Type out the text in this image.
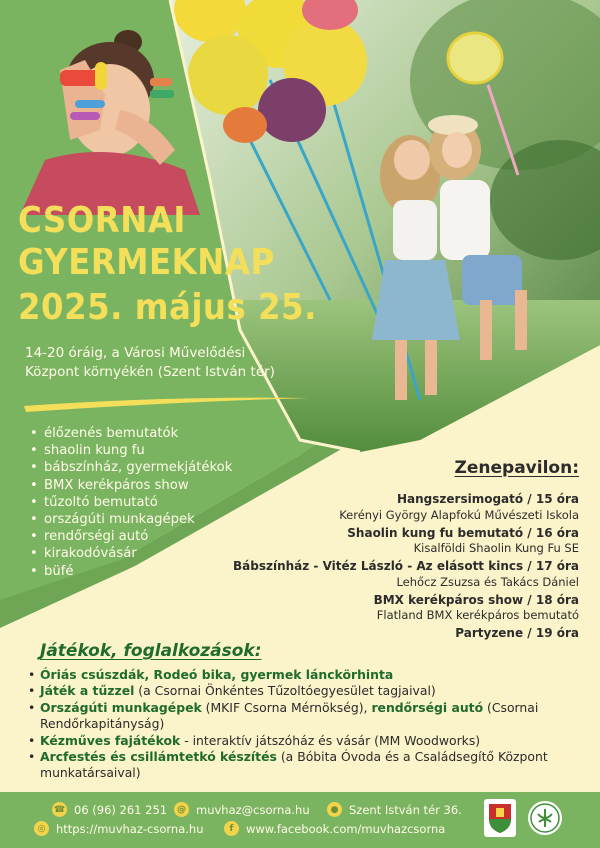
CSORNAI
GYERMEKNAP
2025. május 25.
14-20 óráig, a Városi Művelődési
Központ környékén (Szent István tér)
• élőzenés bemutatók
• shaolin kung fu
• bábszínház, gyermekjátékok
• BMX kerékpáros show
• tűzoltó bemutató
• országúti munkagépek
• rendőrségi autó
• kirakodóvásár
• büfé
Zenepavilon:
Hangszersimogató / 15 óra
Kerényi György Alapfokú Művészeti Iskola
Shaolin kung fu bemutató / 16 óra
Kisalföldi Shaolin Kung Fu SE
Bábszínház - Vitéz László - Az elásott kincs / 17 óra
Lehőcz Zsuzsa és Takács Dániel
BMX kerékpáros show / 18 óra
Flatland BMX kerékpáros bemutató
Partyzene / 19 óra
Játékok, foglalkozások:
• Óriás csúszdák, Rodeó bika, gyermek lánckörhinta
• Játék a tűzzel (a Csornai Önkéntes Tűzoltóegyesület tagjaival)
• Országúti munkagépek (MKIF Csorna Mérnökség), rendőrségi autó (Csornai Rendőrkapitányság)
• Kézműves fajátékok - interaktív játszóház és vásár (MM Woodworks)
• Arcfestés és csillámtetkó készítés (a Bóbita Óvoda és a Családsegítő Központ munkatársaival)
☎ 06 (96) 261 251	@ muvhaz@csorna.hu	● Szent István tér 36.
◎ https://muvhaz-csorna.hu	f	www.facebook.com/muvhazcsorna
